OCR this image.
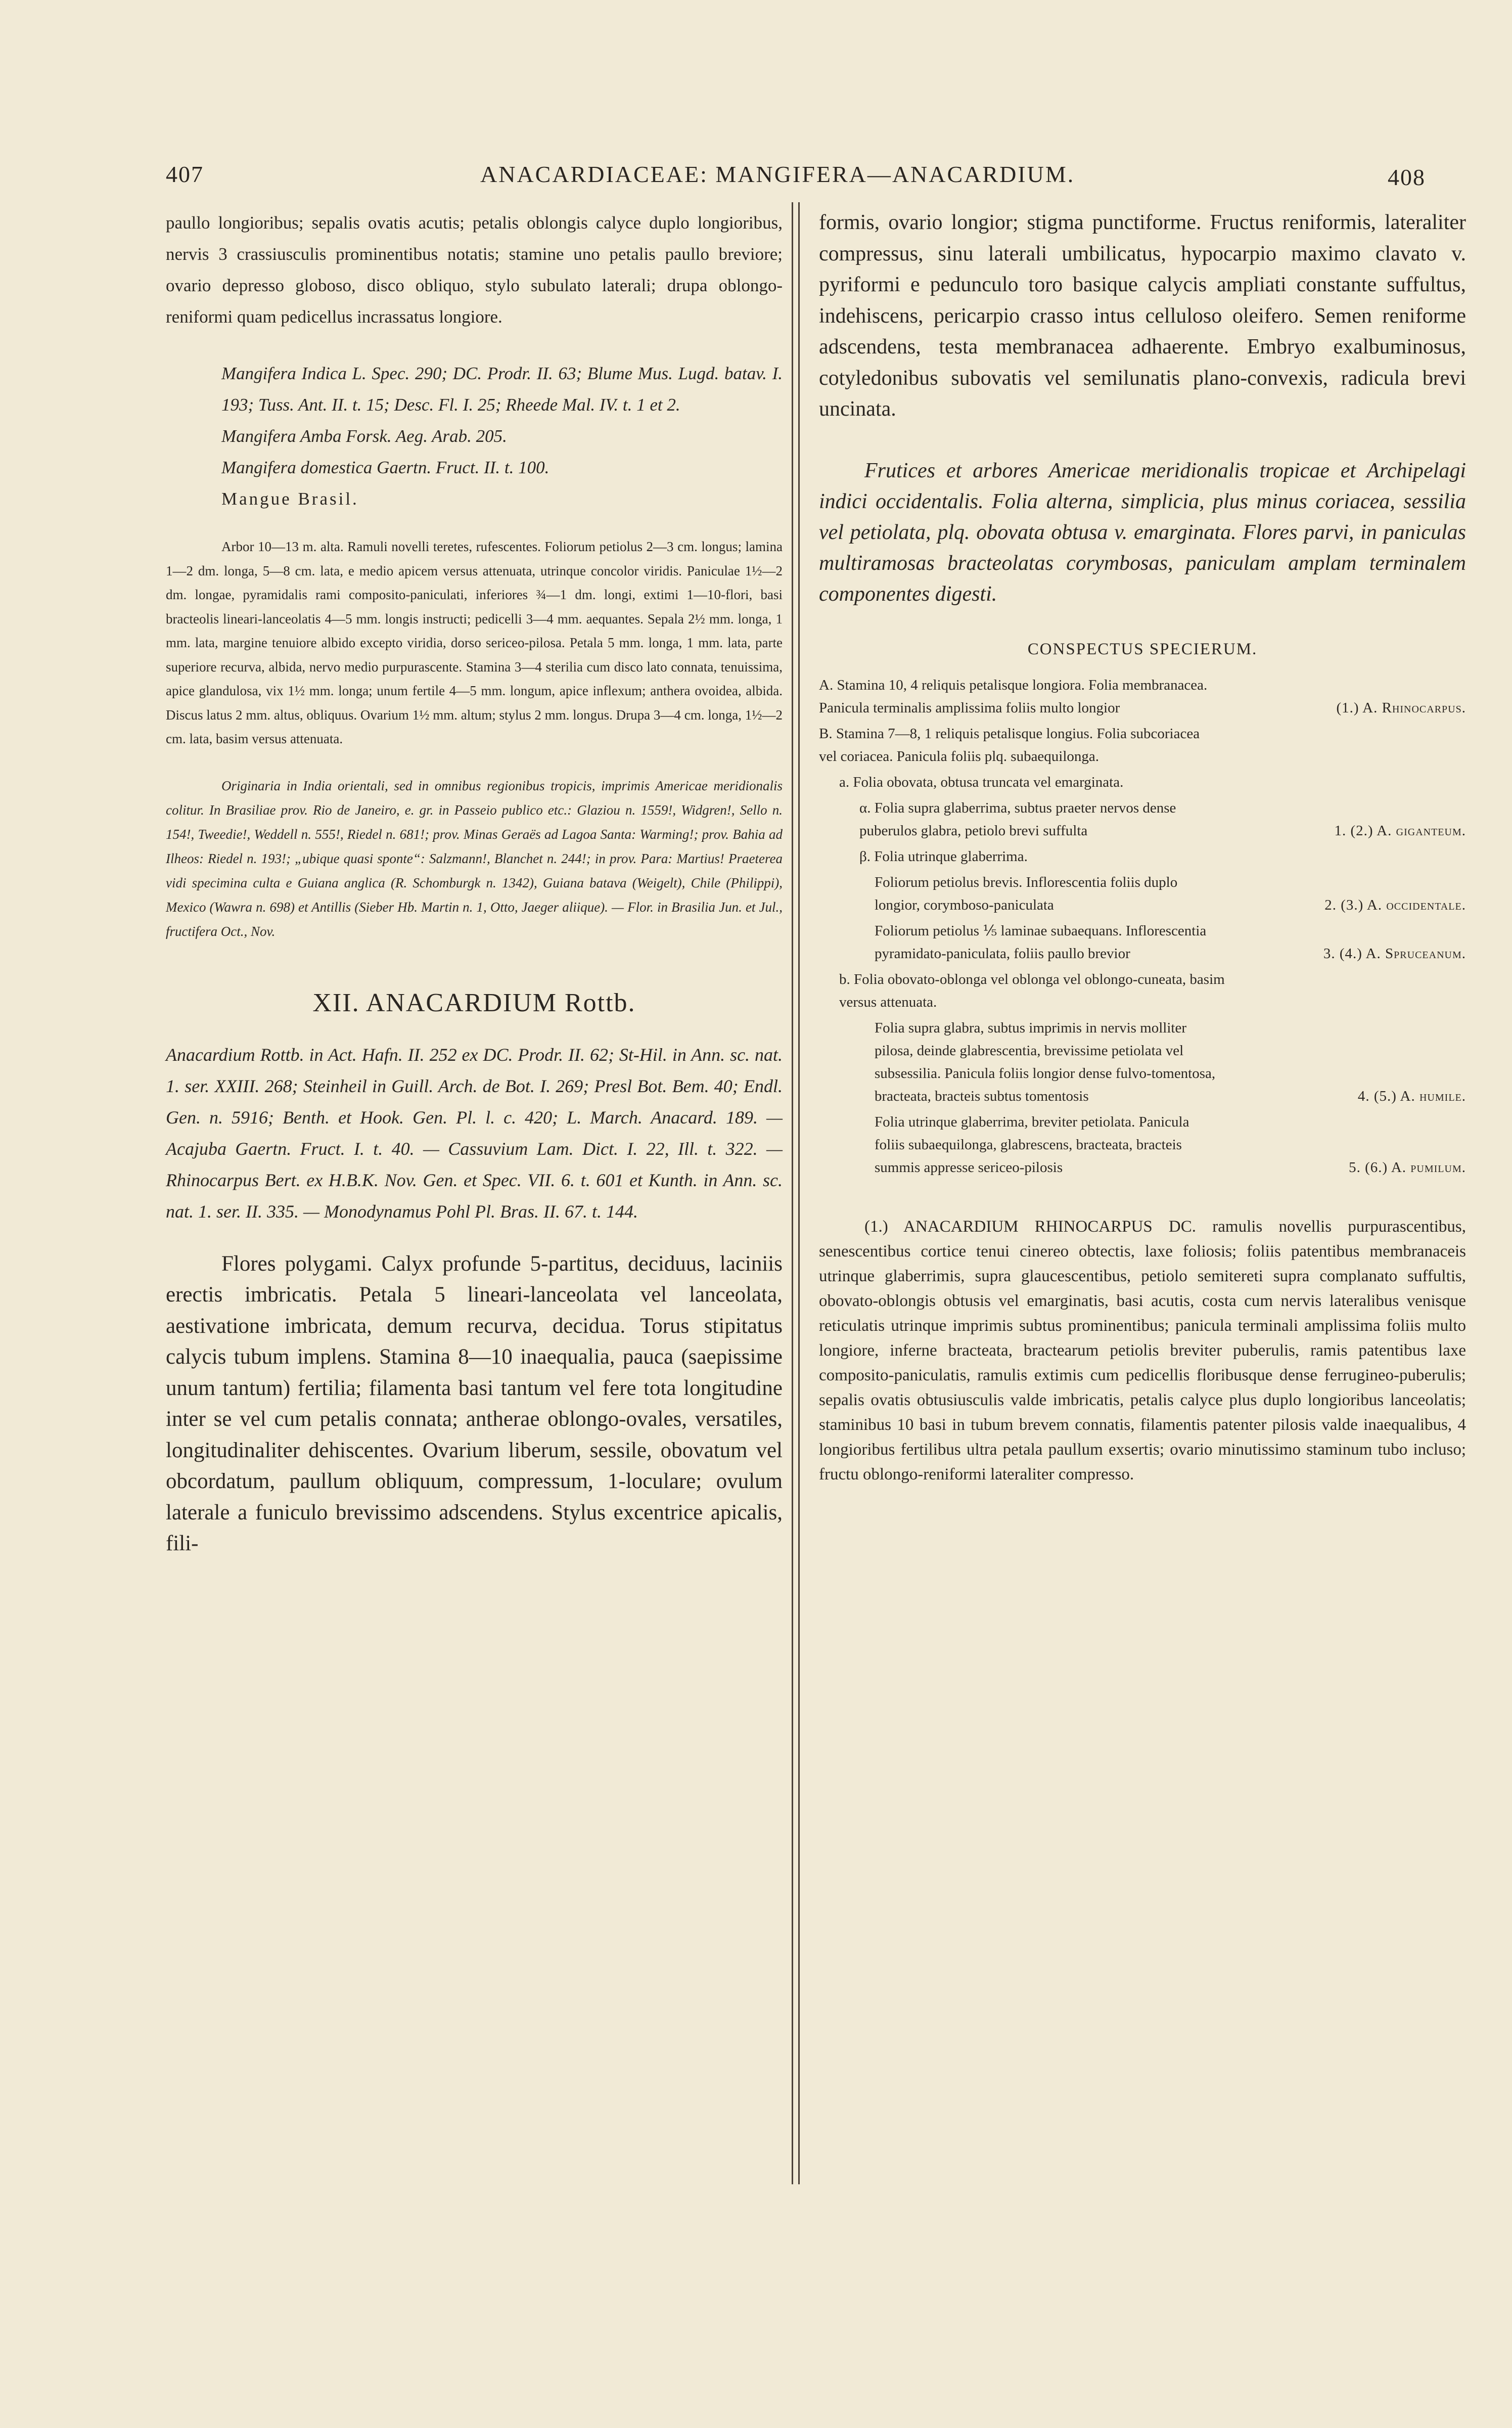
407	ANACARDIACEAE: MANGIFERA—ANACARDIUM.	408

paullo longioribus; sepalis ovatis acutis; petalis oblongis calyce duplo longioribus, nervis 3 crassiusculis prominentibus notatis; stamine uno petalis paullo breviore; ovario depresso globoso, disco obliquo, stylo subulato laterali; drupa oblongo-reniformi quam pedicellus incrassatus longiore.

Mangifera Indica L. Spec. 290; DC. Prodr. II. 63; Blume Mus. Lugd. batav. I. 193; Tuss. Ant. II. t. 15; Desc. Fl. I. 25; Rheede Mal. IV. t. 1 et 2.

Mangifera Amba Forsk. Aeg. Arab. 205.

Mangifera domestica Gaertn. Fruct. II. t. 100.

Mangue Brasil.

Arbor 10—13 m. alta. Ramuli novelli teretes, rufescentes. Foliorum petiolus 2—3 cm. longus; lamina 1—2 dm. longa, 5—8 cm. lata, e medio apicem versus attenuata, utrinque concolor viridis. Paniculae 1½—2 dm. longae, pyramidalis rami composito-paniculati, inferiores ¾—1 dm. longi, extimi 1—10-flori, basi bracteolis lineari-lanceolatis 4—5 mm. longis instructi; pedicelli 3—4 mm. aequantes. Sepala 2½ mm. longa, 1 mm. lata, margine tenuiore albido excepto viridia, dorso sericeo-pilosa. Petala 5 mm. longa, 1 mm. lata, parte superiore recurva, albida, nervo medio purpurascente. Stamina 3—4 sterilia cum disco lato connata, tenuissima, apice glandulosa, vix 1½ mm. longa; unum fertile 4—5 mm. longum, apice inflexum; anthera ovoidea, albida. Discus latus 2 mm. altus, obliquus. Ovarium 1½ mm. altum; stylus 2 mm. longus. Drupa 3—4 cm. longa, 1½—2 cm. lata, basim versus attenuata.

Originaria in India orientali, sed in omnibus regionibus tropicis, imprimis Americae meridionalis colitur. In Brasiliae prov. Rio de Janeiro, e. gr. in Passeio publico etc.: Glaziou n. 1559!, Widgren!, Sello n. 154!, Tweedie!, Weddell n. 555!, Riedel n. 681!; prov. Minas Geraës ad Lagoa Santa: Warming!; prov. Bahia ad Ilheos: Riedel n. 193!; „ubique quasi sponte“: Salzmann!, Blanchet n. 244!; in prov. Para: Martius! Praeterea vidi specimina culta e Guiana anglica (R. Schomburgk n. 1342), Guiana batava (Weigelt), Chile (Philippi), Mexico (Wawra n. 698) et Antillis (Sieber Hb. Martin n. 1, Otto, Jaeger aliique). — Flor. in Brasilia Jun. et Jul., fructifera Oct., Nov.

XII. ANACARDIUM Rottb.

Anacardium Rottb. in Act. Hafn. II. 252 ex DC. Prodr. II. 62; St-Hil. in Ann. sc. nat. 1. ser. XXIII. 268; Steinheil in Guill. Arch. de Bot. I. 269; Presl Bot. Bem. 40; Endl. Gen. n. 5916; Benth. et Hook. Gen. Pl. l. c. 420; L. March. Anacard. 189. — Acajuba Gaertn. Fruct. I. t. 40. — Cassuvium Lam. Dict. I. 22, Ill. t. 322. — Rhinocarpus Bert. ex H.B.K. Nov. Gen. et Spec. VII. 6. t. 601 et Kunth. in Ann. sc. nat. 1. ser. II. 335. — Monodynamus Pohl Pl. Bras. II. 67. t. 144.

Flores polygami. Calyx profunde 5-partitus, deciduus, laciniis erectis imbricatis. Petala 5 lineari-lanceolata vel lanceolata, aestivatione imbricata, demum recurva, decidua. Torus stipitatus calycis tubum implens. Stamina 8—10 inaequalia, pauca (saepissime unum tantum) fertilia; filamenta basi tantum vel fere tota longitudine inter se vel cum petalis connata; antherae oblongo-ovales, versatiles, longitudinaliter dehiscentes. Ovarium liberum, sessile, obovatum vel obcordatum, paullum obliquum, compressum, 1-loculare; ovulum laterale a funiculo brevissimo adscendens. Stylus excentrice apicalis, fili-

formis, ovario longior; stigma punctiforme. Fructus reniformis, lateraliter compressus, sinu laterali umbilicatus, hypocarpio maximo clavato v. pyriformi e pedunculo toro basique calycis ampliati constante suffultus, indehiscens, pericarpio crasso intus celluloso oleifero. Semen reniforme adscendens, testa membranacea adhaerente. Embryo exalbuminosus, cotyledonibus subovatis vel semilunatis plano-convexis, radicula brevi uncinata.

Frutices et arbores Americae meridionalis tropicae et Archipelagi indici occidentalis. Folia alterna, simplicia, plus minus coriacea, sessilia vel petiolata, plq. obovata obtusa v. emarginata. Flores parvi, in paniculas multiramosas bracteolatas corymbosas, paniculam amplam terminalem componentes digesti.

CONSPECTUS SPECIERUM.
A. Stamina 10, 4 reliquis petalisque longiora. Folia membranacea. Panicula terminalis amplissima foliis multo longior	(1.) A. Rhinocarpus.
B. Stamina 7—8, 1 reliquis petalisque longius. Folia subcoriacea vel coriacea. Panicula foliis plq. subaequilonga.
a. Folia obovata, obtusa truncata vel emarginata.
α. Folia supra glaberrima, subtus praeter nervos dense puberulos glabra, petiolo brevi suffulta	1. (2.) A. giganteum.
β. Folia utrinque glaberrima.
Foliorum petiolus brevis. Inflorescentia foliis duplo longior, corymboso-paniculata	2. (3.) A. occidentale.
Foliorum petiolus ⅕ laminae subaequans. Inflorescentia pyramidato-paniculata, foliis paullo brevior	3. (4.) A. Spruceanum.
b. Folia obovato-oblonga vel oblonga vel oblongo-cuneata, basim versus attenuata.
Folia supra glabra, subtus imprimis in nervis molliter pilosa, deinde glabrescentia, brevissime petiolata vel subsessilia. Panicula foliis longior dense fulvo-tomentosa, bracteata, bracteis subtus tomentosis	4. (5.) A. humile.
Folia utrinque glaberrima, breviter petiolata. Panicula foliis subaequilonga, glabrescens, bracteata, bracteis summis appresse sericeo-pilosis	5. (6.) A. pumilum.

(1.) ANACARDIUM RHINOCARPUS DC. ramulis novellis purpurascentibus, senescentibus cortice tenui cinereo obtectis, laxe foliosis; foliis patentibus membranaceis utrinque glaberrimis, supra glaucescentibus, petiolo semitereti supra complanato suffultis, obovato-oblongis obtusis vel emarginatis, basi acutis, costa cum nervis lateralibus venisque reticulatis utrinque imprimis subtus prominentibus; panicula terminali amplissima foliis multo longiore, inferne bracteata, bractearum petiolis breviter puberulis, ramis patentibus laxe composito-paniculatis, ramulis extimis cum pedicellis floribusque dense ferrugineo-puberulis; sepalis ovatis obtusiusculis valde imbricatis, petalis calyce plus duplo longioribus lanceolatis; staminibus 10 basi in tubum brevem connatis, filamentis patenter pilosis valde inaequalibus, 4 longioribus fertilibus ultra petala paullum exsertis; ovario minutissimo staminum tubo incluso; fructu oblongo-reniformi lateraliter compresso.
